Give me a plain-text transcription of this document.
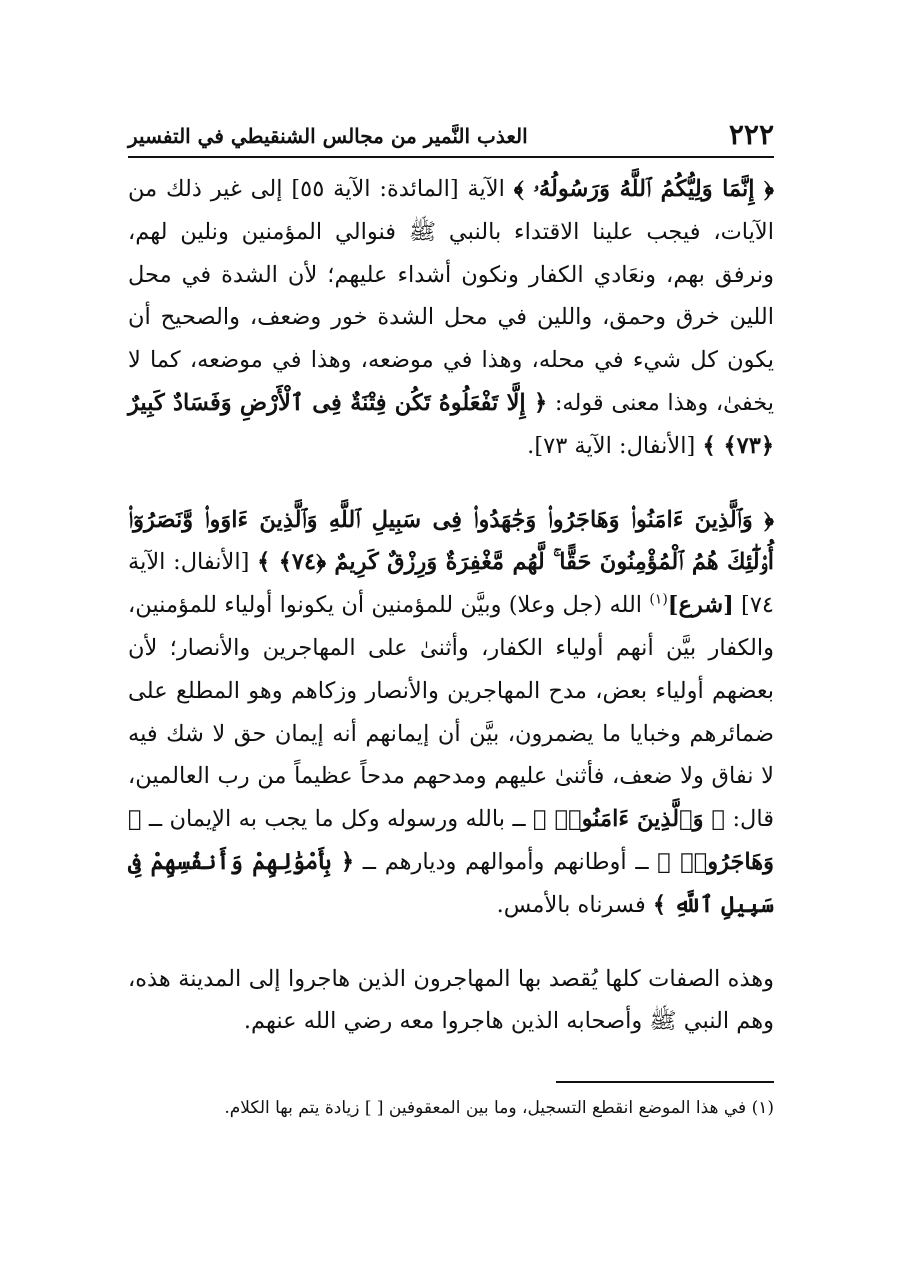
٢٢٢
العذب النَّمير من مجالس الشنقيطي في التفسير

﴿ إِنَّمَا وَلِيُّكُمُ ٱللَّهُ وَرَسُولُهُۥ ﴾ الآية [المائدة: الآية ٥٥] إلى غير ذلك من الآيات، فيجب علينا الاقتداء بالنبي ﷺ فنوالي المؤمنين ونلين لهم، ونرفق بهم، ونعَادي الكفار ونكون أشداء عليهم؛ لأن الشدة في محل اللين خرق وحمق، واللين في محل الشدة خور وضعف، والصحيح أن يكون كل شيء في محله، وهذا في موضعه، وهذا في موضعه، كما لا يخفىٰ، وهذا معنى قوله: ﴿ إِلَّا تَفْعَلُوهُ تَكُن فِتْنَةٌ فِى ٱلْأَرْضِ وَفَسَادٌ كَبِيرٌ ﴿٧٣﴾ ﴾ [الأنفال: الآية ٧٣].

﴿ وَٱلَّذِينَ ءَامَنُوا۟ وَهَاجَرُوا۟ وَجَٰهَدُوا۟ فِى سَبِيلِ ٱللَّهِ وَٱلَّذِينَ ءَاوَوا۟ وَّنَصَرُوٓا۟ أُو۟لَٰٓئِكَ هُمُ ٱلْمُؤْمِنُونَ حَقًّا ۚ لَّهُم مَّغْفِرَةٌ وَرِزْقٌ كَرِيمٌ ﴿٧٤﴾ ﴾ [الأنفال: الآية ٧٤] [شرع]$^{(١)}$ الله (جل وعلا) وبيَّن للمؤمنين أن يكونوا أولياء للمؤمنين، والكفار بيَّن أنهم أولياء الكفار، وأثنىٰ على المهاجرين والأنصار؛ لأن بعضهم أولياء بعض، مدح المهاجرين والأنصار وزكاهم وهو المطلع على ضمائرهم وخبايا ما يضمرون، بيَّن أن إيمانهم أنه إيمان حق لا شك فيه لا نفاق ولا ضعف، فأثنىٰ عليهم ومدحهم مدحاً عظيماً من رب العالمين، قال: ﴿ وَٱلَّذِينَ ءَامَنُوا۟ ﴾ ــ بالله ورسوله وكل ما يجب به الإيمان ــ ﴿ وَهَاجَرُوا۟ ﴾ ــ أوطانهم وأموالهم وديارهم ــ ﴿ بِأَمْوَٰلِهِمْ وَأَنفُسِهِمْ فِى سَبِيلِ ٱللَّهِ ﴾ فسرناه بالأمس.

وهذه الصفات كلها يُقصد بها المهاجرون الذين هاجروا إلى المدينة هذه، وهم النبي ﷺ وأصحابه الذين هاجروا معه رضي الله عنهم.

(١) في هذا الموضع انقطع التسجيل، وما بين المعقوفين [ ] زيادة يتم بها الكلام.
